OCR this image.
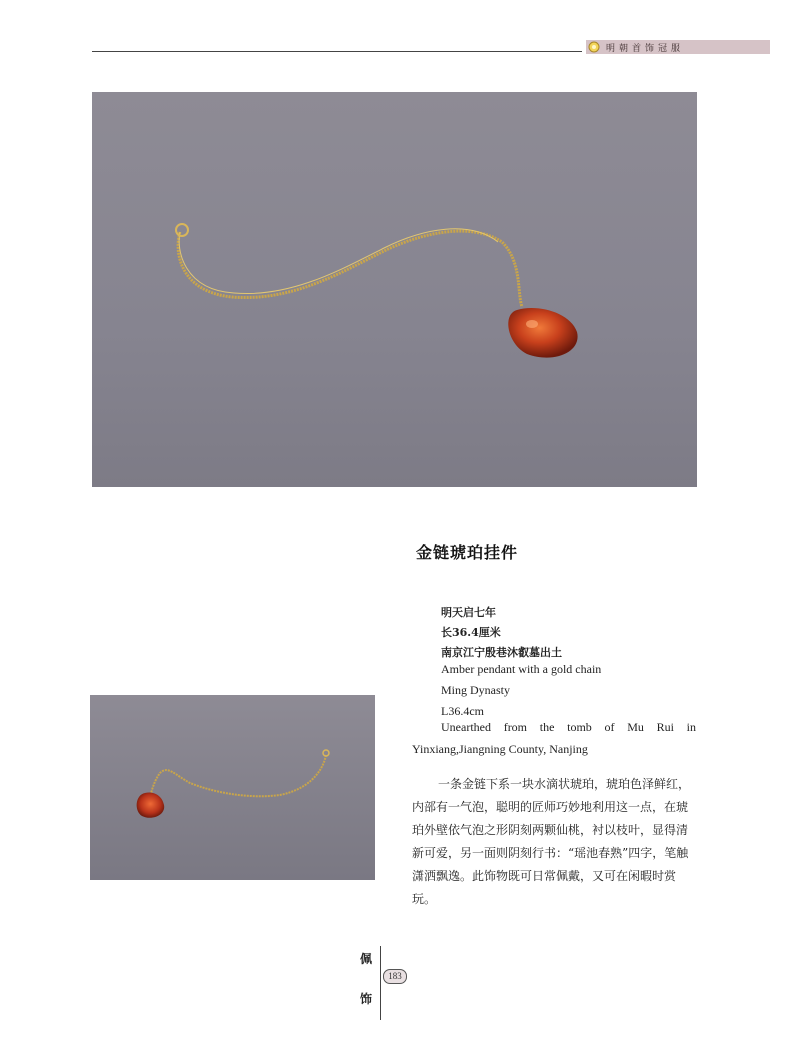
明朝首饰冠服
金链琥珀挂件
明天启七年
长36.4厘米
南京江宁殷巷沐叡墓出土
Amber pendant with a gold chain
Ming Dynasty
L36.4cm
Unearthed from the tomb of Mu Rui in Yinxiang,Jiangning County, Nanjing
一条金链下系一块水滴状琥珀，琥珀色泽鲜红，内部有一气泡，聪明的匠师巧妙地利用这一点，在琥珀外壁依气泡之形阴刻两颗仙桃，衬以枝叶，显得清新可爱，另一面则阴刻行书：“瑶池春熟”四字，笔触潇洒飘逸。此饰物既可日常佩戴，又可在闲暇时赏玩。
佩
饰
183
